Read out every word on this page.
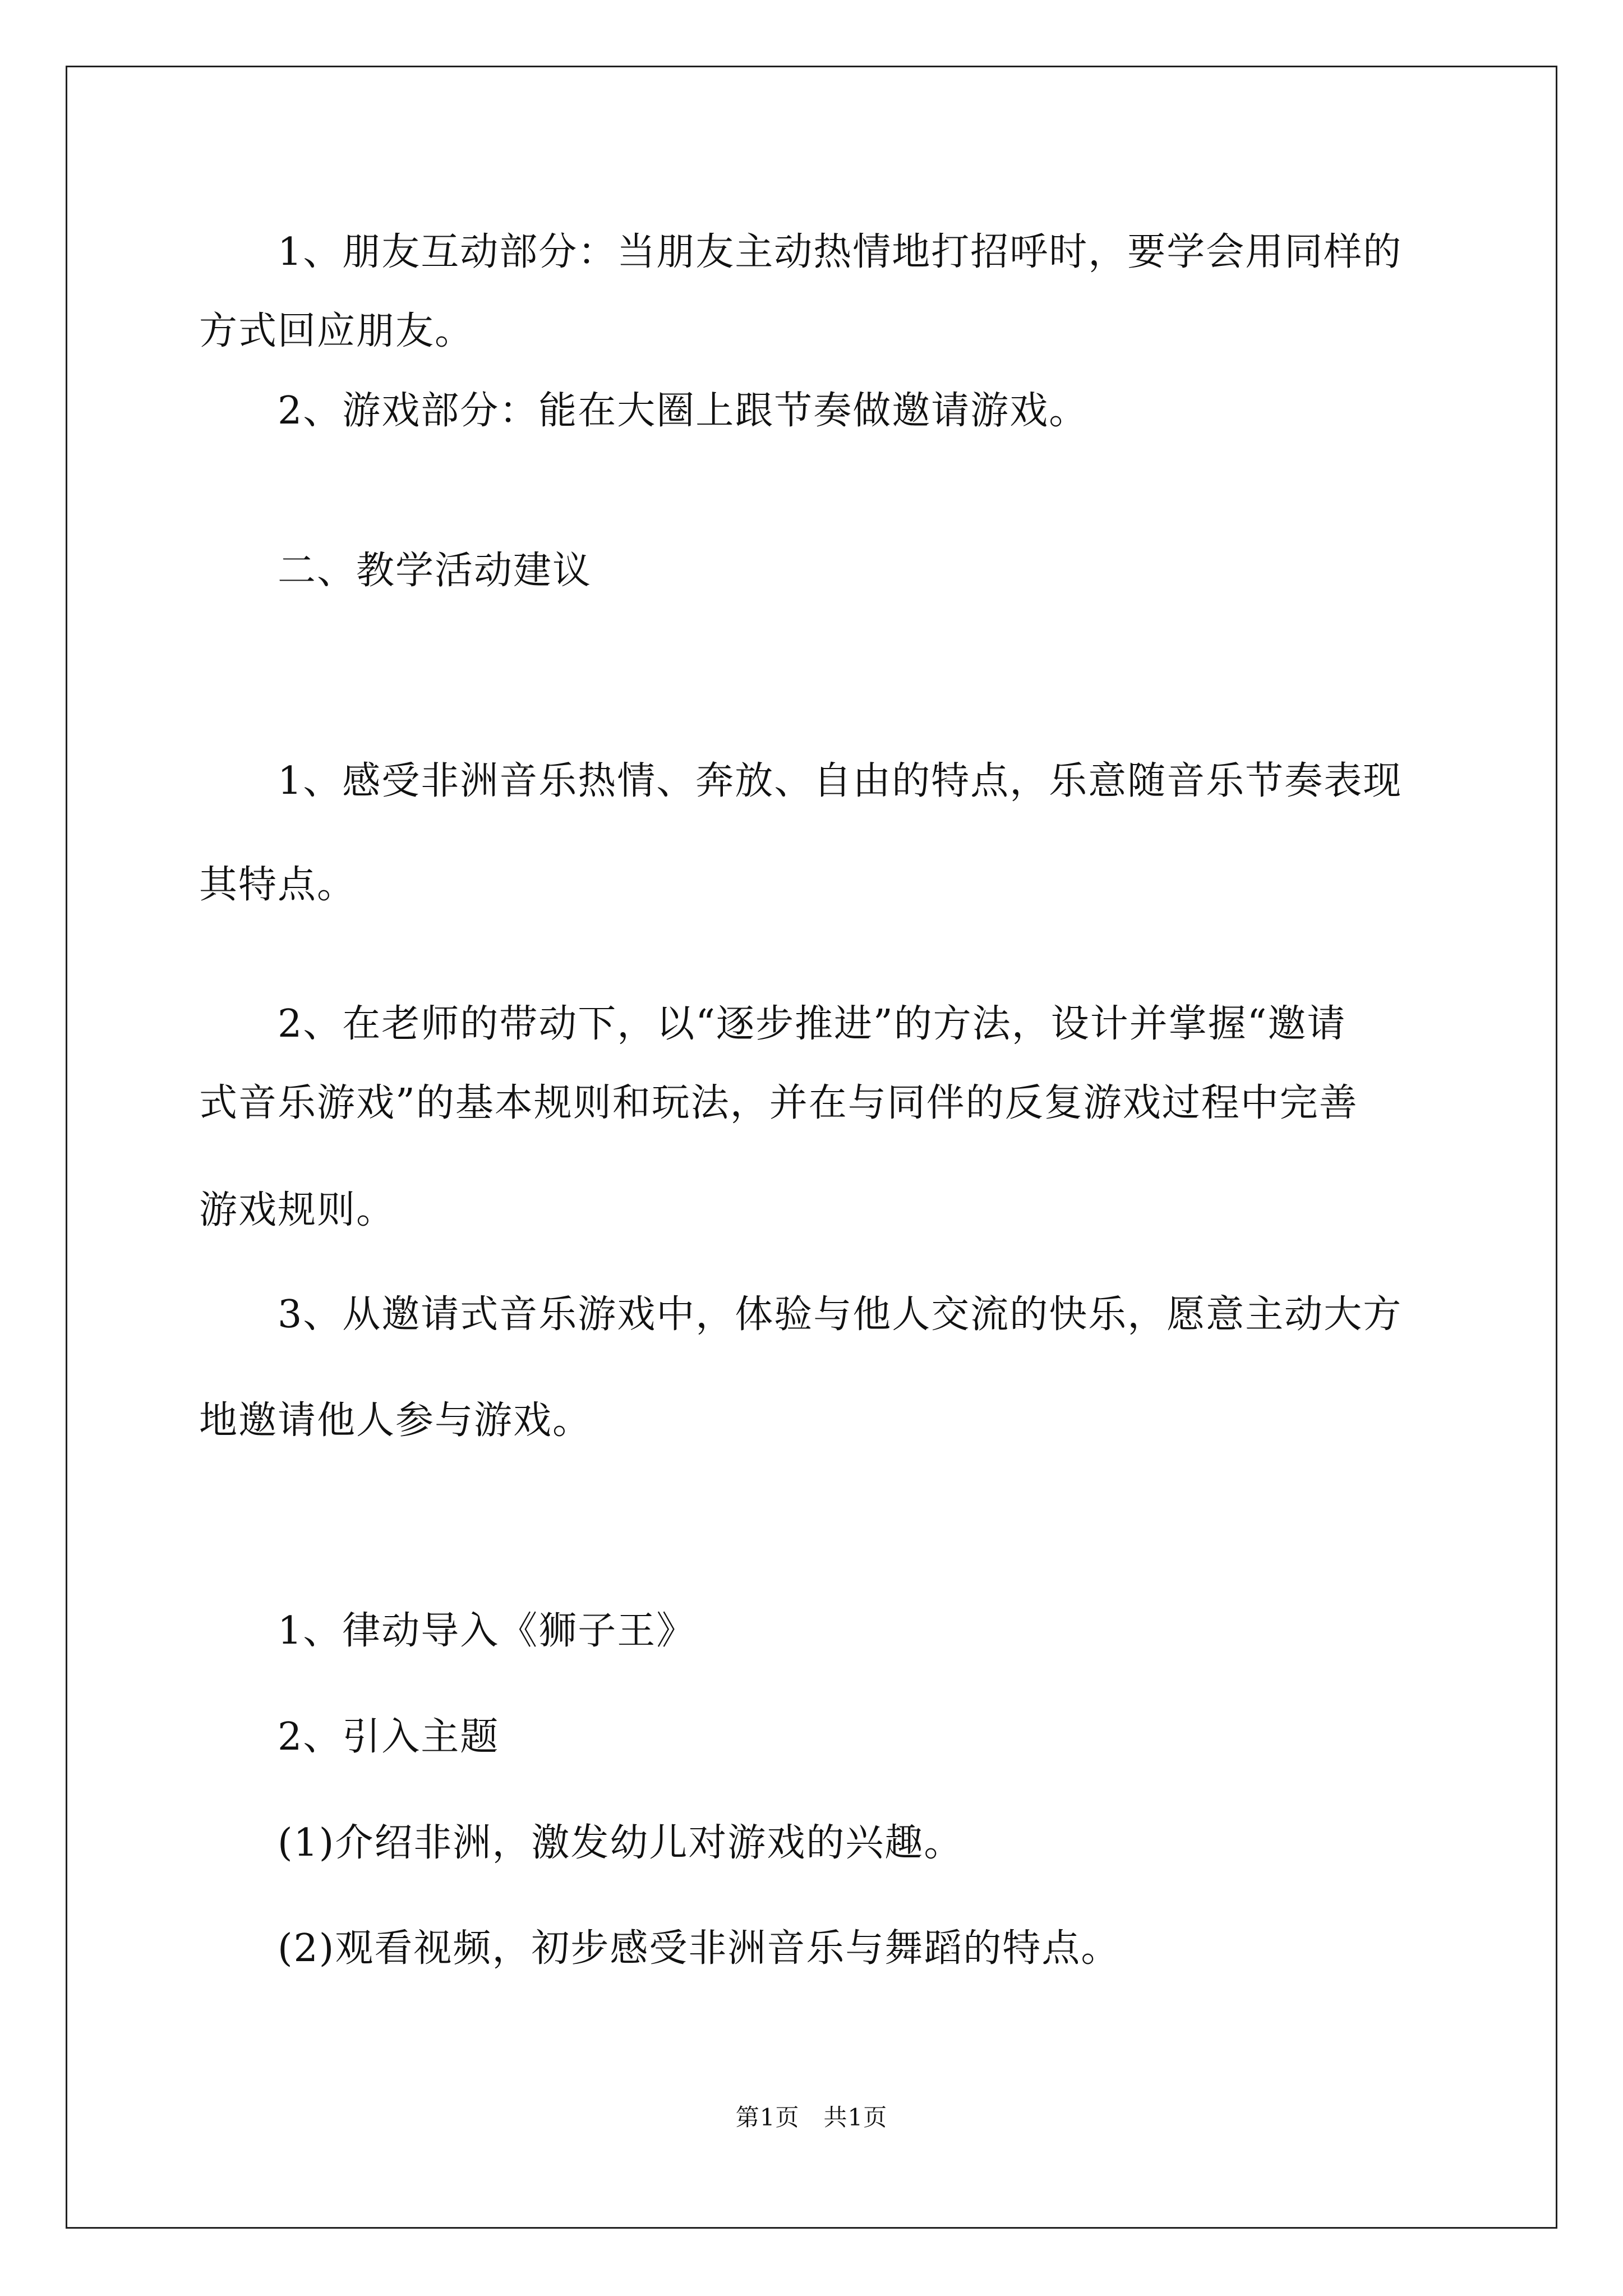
1、朋友互动部分：当朋友主动热情地打招呼时，要学会用同样的
方式回应朋友。
2、游戏部分：能在大圈上跟节奏做邀请游戏。
二、教学活动建议
1、感受非洲音乐热情、奔放、自由的特点，乐意随音乐节奏表现
其特点。
2、在老师的带动下，以“逐步推进”的方法，设计并掌握“邀请
式音乐游戏”的基本规则和玩法，并在与同伴的反复游戏过程中完善
游戏规则。
3、从邀请式音乐游戏中，体验与他人交流的快乐，愿意主动大方
地邀请他人参与游戏。
1、律动导入《狮子王》
2、引入主题
(1)介绍非洲，激发幼儿对游戏的兴趣。
(2)观看视频，初步感受非洲音乐与舞蹈的特点。
第1页　共1页
